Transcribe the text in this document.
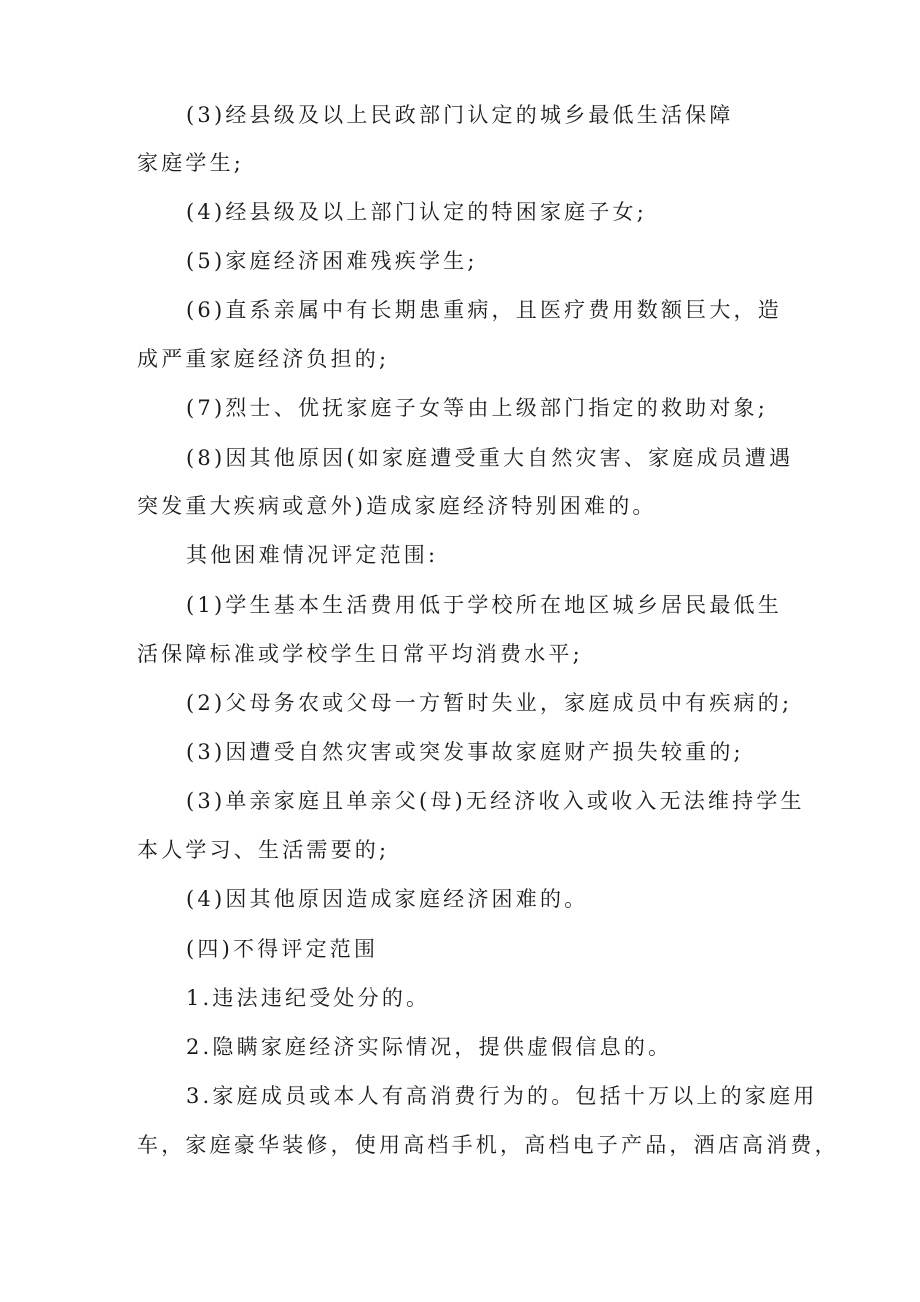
(3)经县级及以上民政部门认定的城乡最低生活保障
家庭学生;
(4)经县级及以上部门认定的特困家庭子女;
(5)家庭经济困难残疾学生;
(6)直系亲属中有长期患重病，且医疗费用数额巨大，造
成严重家庭经济负担的;
(7)烈士、优抚家庭子女等由上级部门指定的救助对象;
(8)因其他原因(如家庭遭受重大自然灾害、家庭成员遭遇
突发重大疾病或意外)造成家庭经济特别困难的。
其他困难情况评定范围:
(1)学生基本生活费用低于学校所在地区城乡居民最低生
活保障标准或学校学生日常平均消费水平;
(2)父母务农或父母一方暂时失业，家庭成员中有疾病的;
(3)因遭受自然灾害或突发事故家庭财产损失较重的;
(3)单亲家庭且单亲父(母)无经济收入或收入无法维持学生
本人学习、生活需要的;
(4)因其他原因造成家庭经济困难的。
(四)不得评定范围
1.违法违纪受处分的。
2.隐瞒家庭经济实际情况，提供虚假信息的。
3.家庭成员或本人有高消费行为的。包括十万以上的家庭用
车，家庭豪华装修，使用高档手机，高档电子产品，酒店高消费，
